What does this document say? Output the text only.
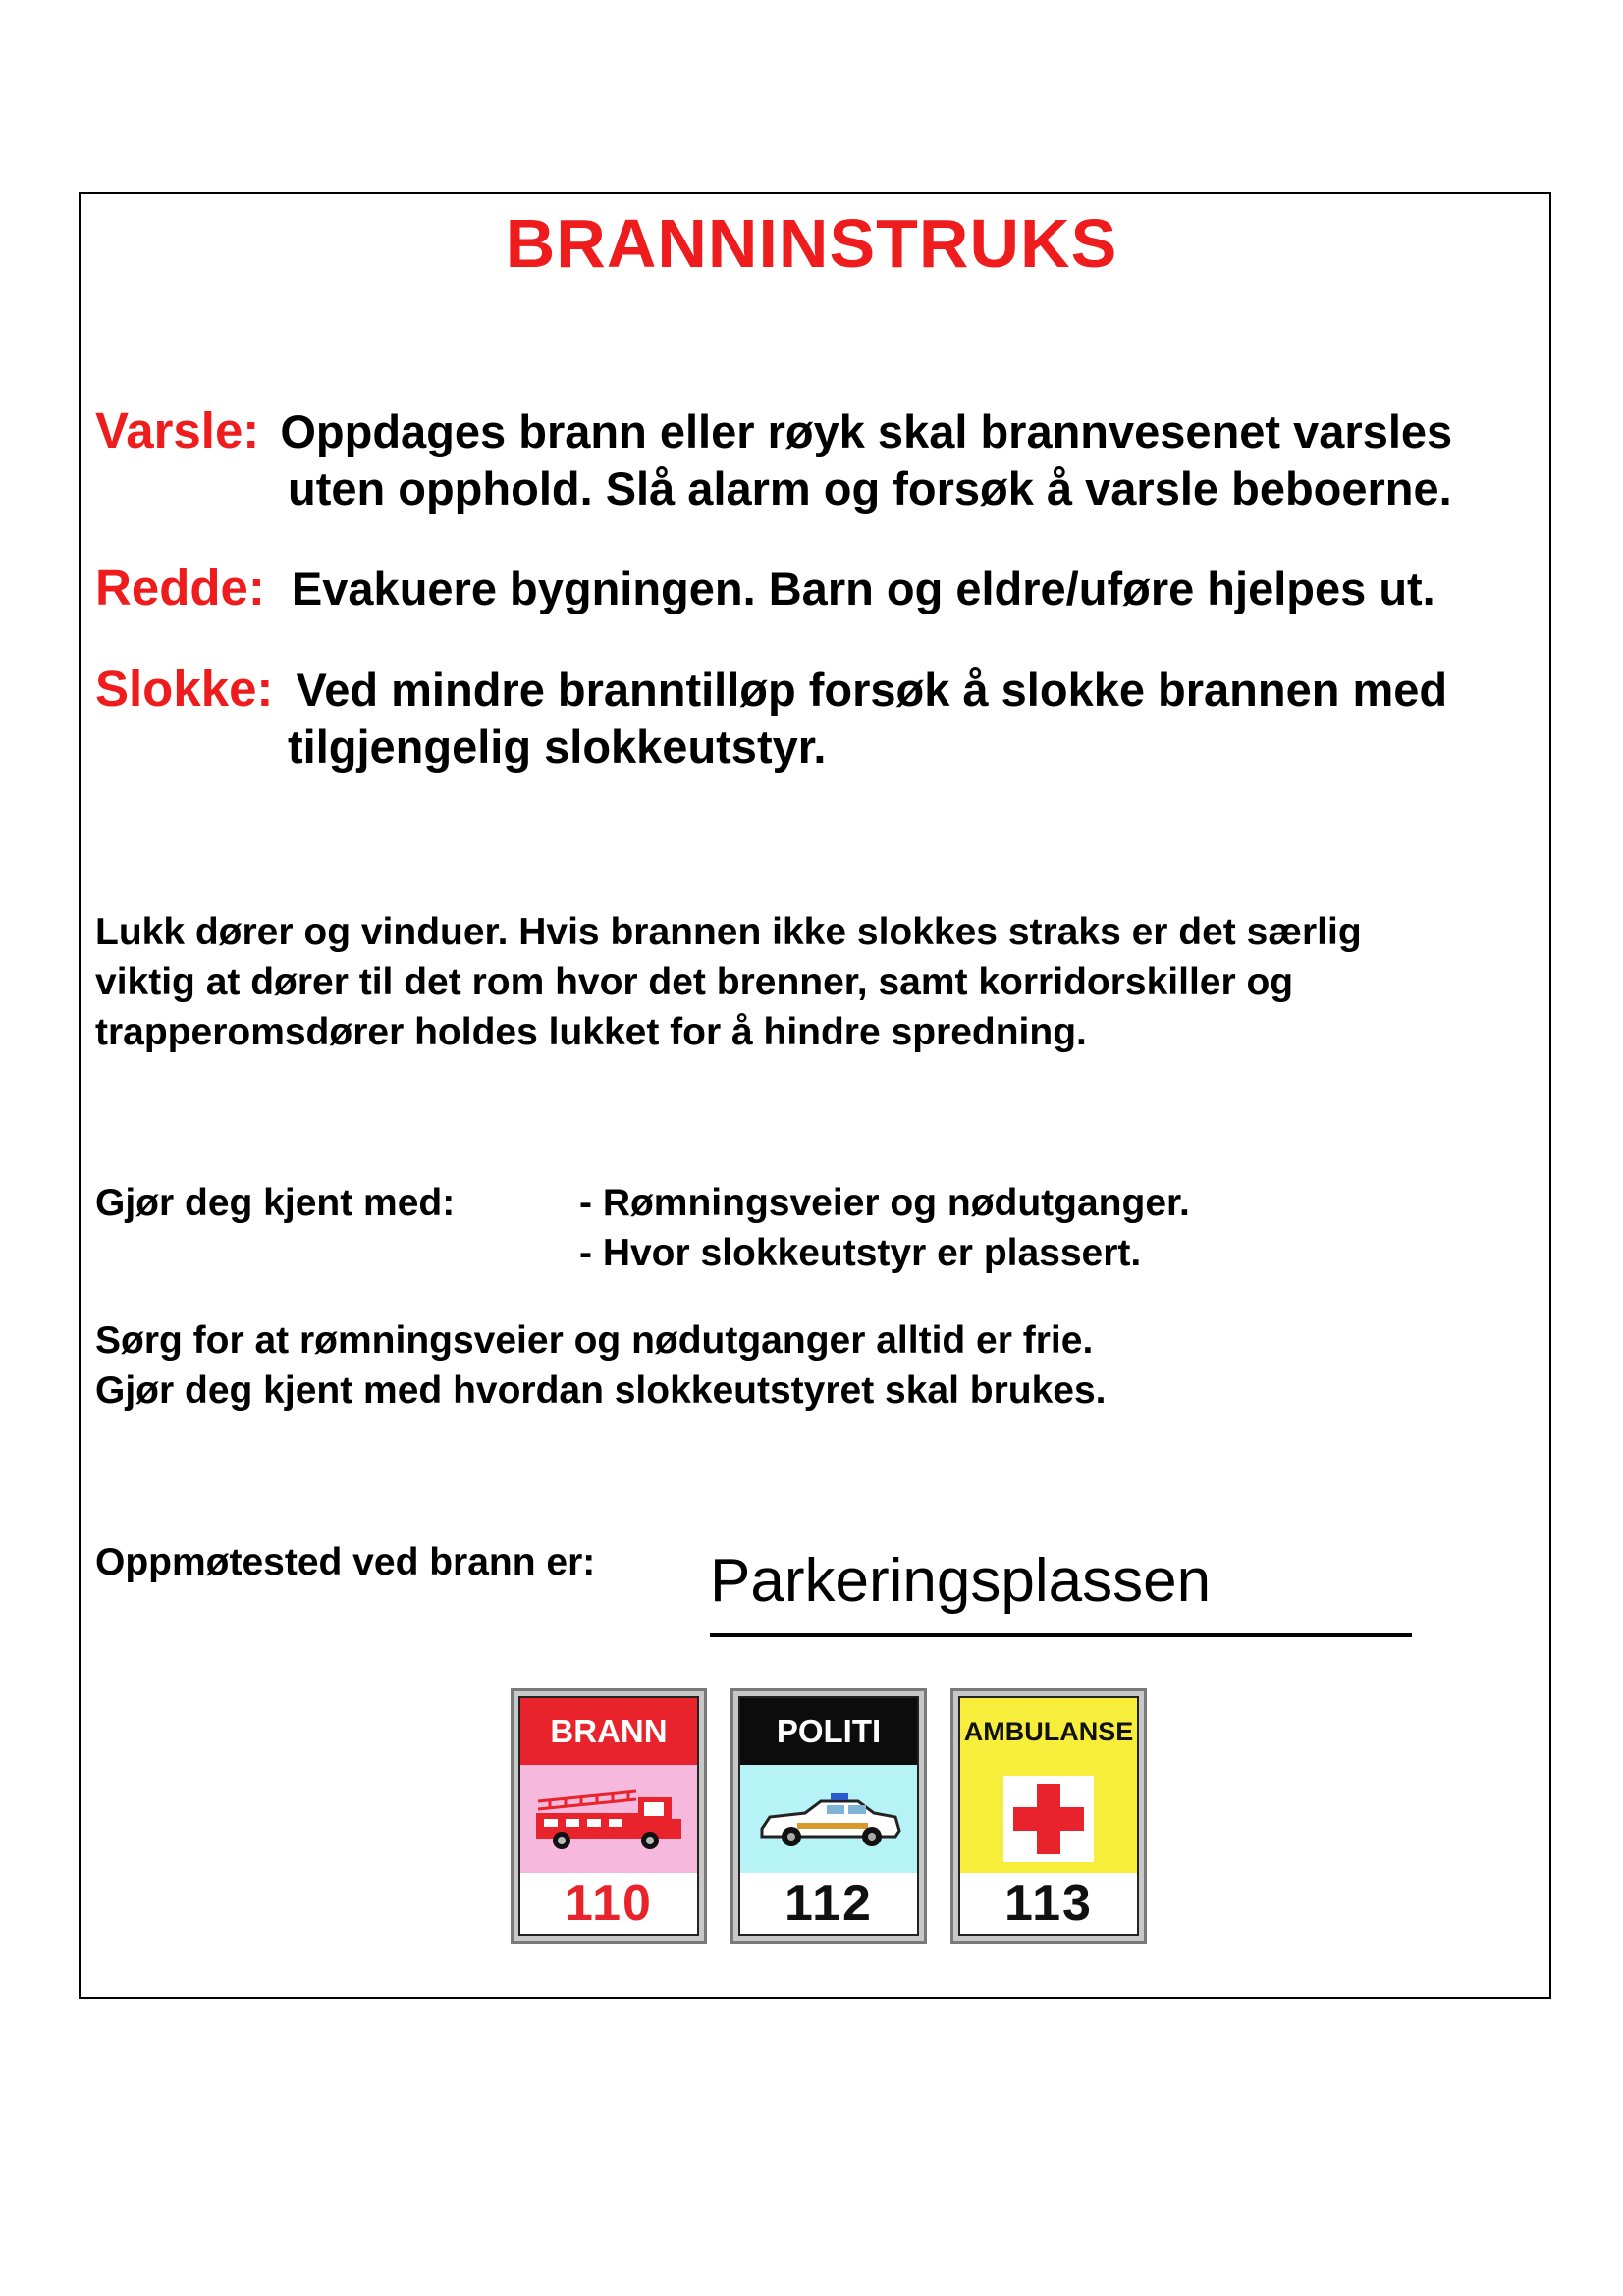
BRANNINSTRUKS
Varsle: Oppdages brann eller røyk skal brannvesenet varsles
uten opphold. Slå alarm og forsøk å varsle beboerne.
Redde: Evakuere bygningen. Barn og eldre/uføre hjelpes ut.
Slokke: Ved mindre branntilløp forsøk å slokke brannen med
tilgjengelig slokkeutstyr.
Lukk dører og vinduer. Hvis brannen ikke slokkes straks er det særlig
viktig at dører til det rom hvor det brenner, samt korridorskiller og
trapperomsdører holdes lukket for å hindre spredning.
Gjør deg kjent med:	- Rømningsveier og nødutganger.
- Hvor slokkeutstyr er plassert.
Sørg for at rømningsveier og nødutganger alltid er frie.
Gjør deg kjent med hvordan slokkeutstyret skal brukes.
Oppmøtested ved brann er: Parkeringsplassen
BRANN
110
POLITI
112
AMBULANSE
113
